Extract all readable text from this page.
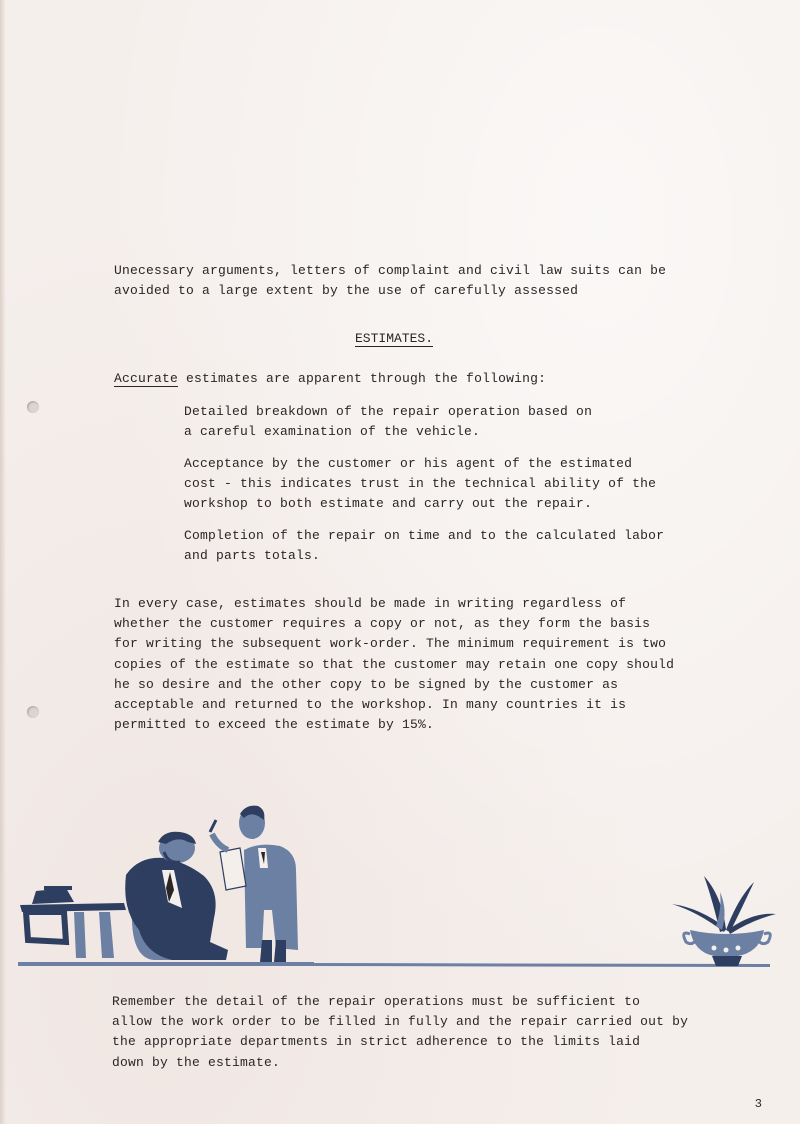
Unecessary arguments, letters of complaint and civil law suits can be
avoided to a large extent by the use of carefully assessed
ESTIMATES.
Accurate estimates are apparent through the following:
Detailed breakdown of the repair operation based on
a careful examination of the vehicle.
Acceptance by the customer or his agent of the estimated
cost - this indicates trust in the technical ability of the
workshop to both estimate and carry out the repair.
Completion of the repair on time and to the calculated labor
and parts totals.
In every case, estimates should be made in writing regardless of
whether the customer requires a copy or not, as they form the basis
for writing the subsequent work-order. The minimum requirement is two
copies of the estimate so that the customer may retain one copy should
he so desire and the other copy to be signed by the customer as
acceptable and returned to the workshop. In many countries it is
permitted to exceed the estimate by 15%.
Remember the detail of the repair operations must be sufficient to
allow the work order to be filled in fully and the repair carried out by
the appropriate departments in strict adherence to the limits laid
down by the estimate.
3
